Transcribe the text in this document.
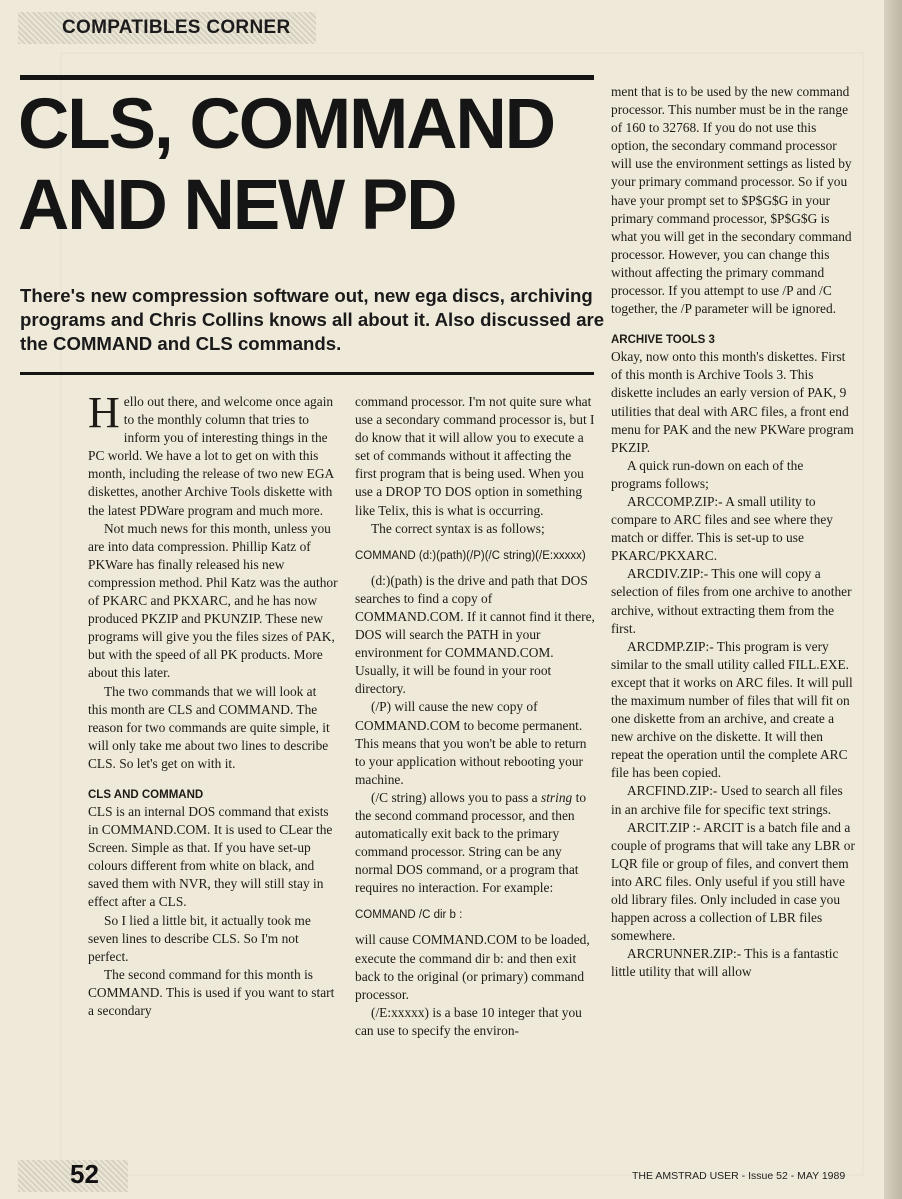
COMPATIBLES CORNER
CLS, COMMAND
AND NEW PD
There's new compression software out, new ega discs, archiving programs and Chris Collins knows all about it. Also discussed are the COMMAND and CLS commands.

Hello out there, and welcome once again to the monthly column that tries to inform you of interesting things in the PC world. We have a lot to get on with this month, including the release of two new EGA diskettes, another Archive Tools diskette with the latest PDWare program and much more.

Not much news for this month, unless you are into data compression. Phillip Katz of PKWare has finally released his new compression method. Phil Katz was the author of PKARC and PKXARC, and he has now produced PKZIP and PKUNZIP. These new programs will give you the files sizes of PAK, but with the speed of all PK products. More about this later.

The two commands that we will look at this month are CLS and COMMAND. The reason for two commands are quite simple, it will only take me about two lines to describe CLS. So let's get on with it.

CLS AND COMMAND

CLS is an internal DOS command that exists in COMMAND.COM. It is used to CLear the Screen. Simple as that. If you have set-up colours different from white on black, and saved them with NVR, they will still stay in effect after a CLS.

So I lied a little bit, it actually took me seven lines to describe CLS. So I'm not perfect.

The second command for this month is COMMAND. This is used if you want to start a secondary

command processor. I'm not quite sure what use a secondary command processor is, but I do know that it will allow you to execute a set of commands without it affecting the first program that is being used. When you use a DROP TO DOS option in something like Telix, this is what is occurring.

The correct syntax is as follows;

COMMAND (d:)(path)(/P)(/C string)(/E:xxxxx)

(d:)(path) is the drive and path that DOS searches to find a copy of COMMAND.COM. If it cannot find it there, DOS will search the PATH in your environment for COMMAND.COM. Usually, it will be found in your root directory.

(/P) will cause the new copy of COMMAND.COM to become permanent. This means that you won't be able to return to your application without rebooting your machine.

(/C string) allows you to pass a string to the second command processor, and then automatically exit back to the primary command processor. String can be any normal DOS command, or a program that requires no interaction. For example:

COMMAND /C dir b :

will cause COMMAND.COM to be loaded, execute the command dir b: and then exit back to the original (or primary) command processor.

(/E:xxxxx) is a base 10 integer that you can use to specify the environ-

ment that is to be used by the new command processor. This number must be in the range of 160 to 32768. If you do not use this option, the secondary command processor will use the environment settings as listed by your primary command processor. So if you have your prompt set to $P$G$G in your primary command processor, $P$G$G is what you will get in the secondary command processor. However, you can change this without affecting the primary command processor. If you attempt to use /P and /C together, the /P parameter will be ignored.

ARCHIVE TOOLS 3

Okay, now onto this month's diskettes. First of this month is Archive Tools 3. This diskette includes an early version of PAK, 9 utilities that deal with ARC files, a front end menu for PAK and the new PKWare program PKZIP.

A quick run-down on each of the programs follows;

ARCCOMP.ZIP:- A small utility to compare to ARC files and see where they match or differ. This is set-up to use PKARC/PKXARC.

ARCDIV.ZIP:- This one will copy a selection of files from one archive to another archive, without extracting them from the first.

ARCDMP.ZIP:- This program is very similar to the small utility called FILL.EXE. except that it works on ARC files. It will pull the maximum number of files that will fit on one diskette from an archive, and create a new archive on the diskette. It will then repeat the operation until the complete ARC file has been copied.

ARCFIND.ZIP:- Used to search all files in an archive file for specific text strings.

ARCIT.ZIP :- ARCIT is a batch file and a couple of programs that will take any LBR or LQR file or group of files, and convert them into ARC files. Only useful if you still have old library files. Only included in case you happen across a collection of LBR files somewhere.

ARCRUNNER.ZIP:- This is a fantastic little utility that will allow

52	THE AMSTRAD USER - Issue 52 - MAY 1989
